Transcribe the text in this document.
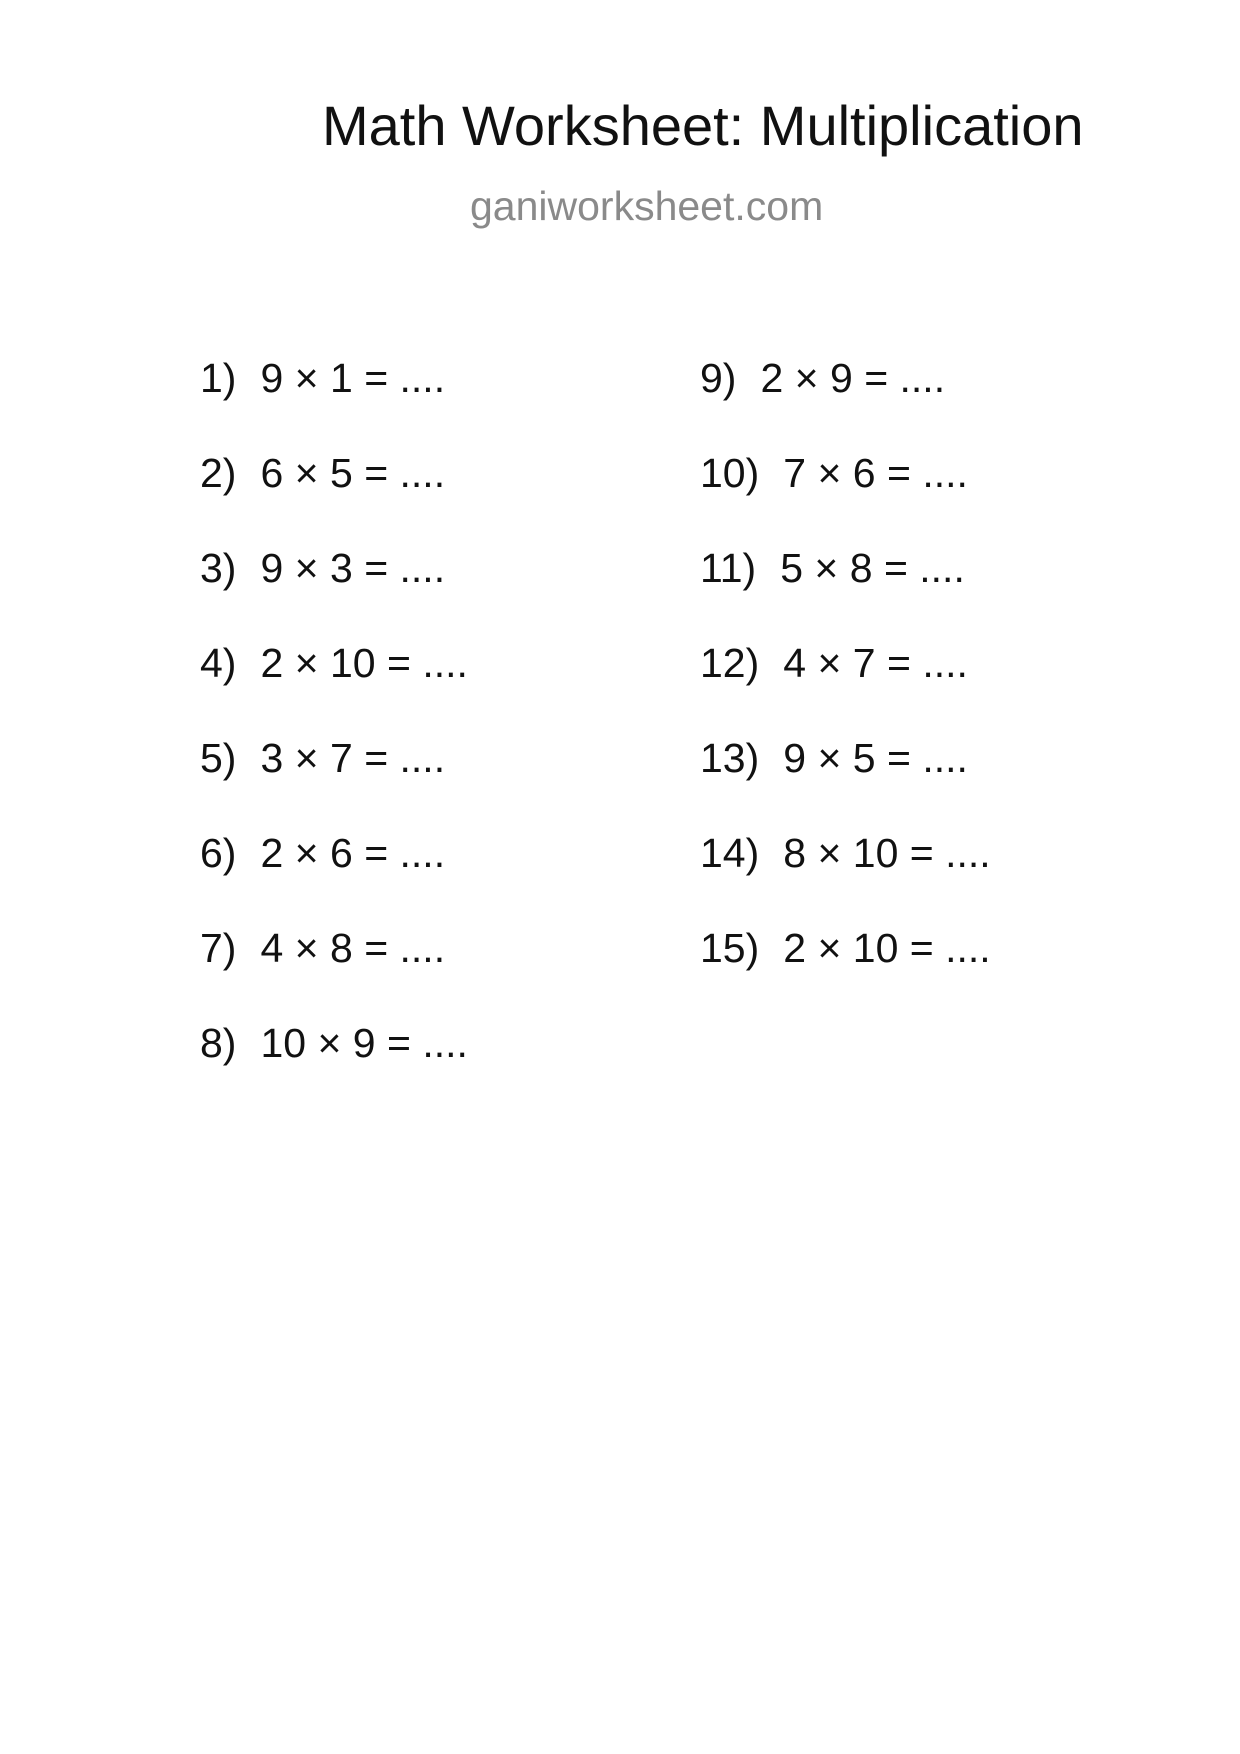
Math Worksheet: Multiplication
ganiworksheet.com
1) 9 × 1 = ....
2) 6 × 5 = ....
3) 9 × 3 = ....
4) 2 × 10 = ....
5) 3 × 7 = ....
6) 2 × 6 = ....
7) 4 × 8 = ....
8) 10 × 9 = ....
9) 2 × 9 = ....
10) 7 × 6 = ....
11) 5 × 8 = ....
12) 4 × 7 = ....
13) 9 × 5 = ....
14) 8 × 10 = ....
15) 2 × 10 = ....
